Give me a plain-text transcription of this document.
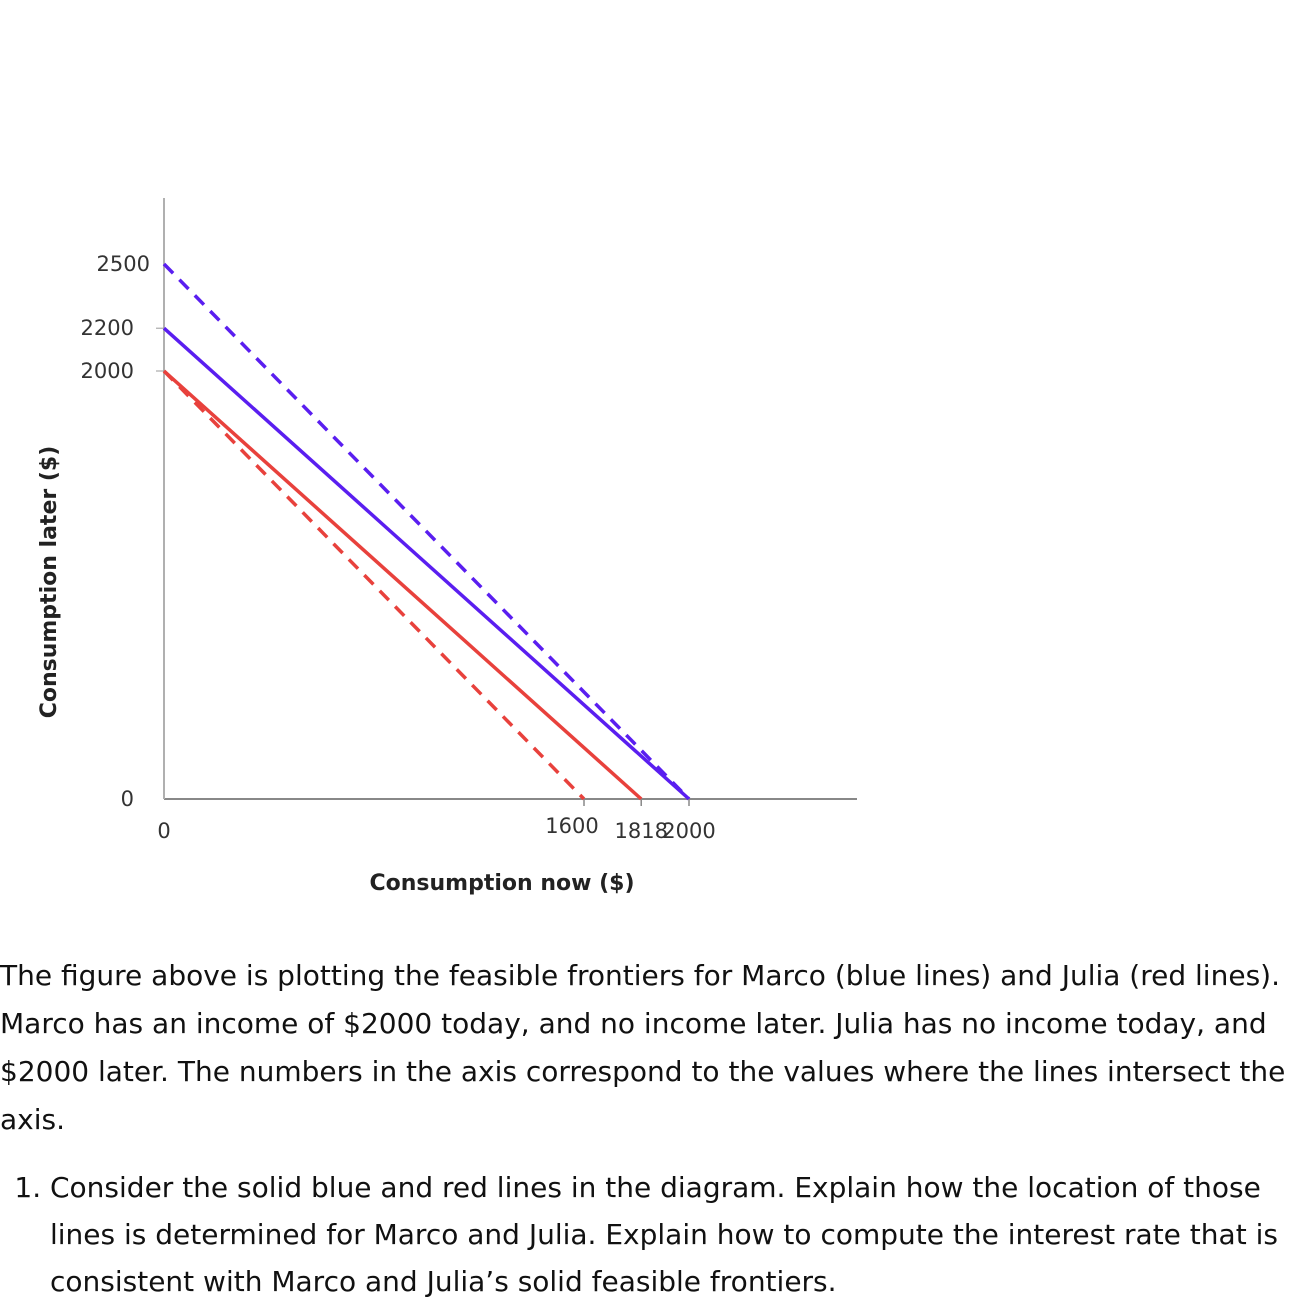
0	1600 1818
2000
0
2000
2200
2500
Consumption now ($)
Consumption later ($)

The figure above is plotting the feasible frontiers for Marco (blue lines) and Julia (red lines). Marco has an income of $2000 today, and no income later. Julia has no income today, and $2000 later. The numbers in the axis correspond to the values where the lines intersect the axis.

1. Consider the solid blue and red lines in the diagram. Explain how the location of those lines is determined for Marco and Julia. Explain how to compute the interest rate that is consistent with Marco and Julia’s solid feasible frontiers.
